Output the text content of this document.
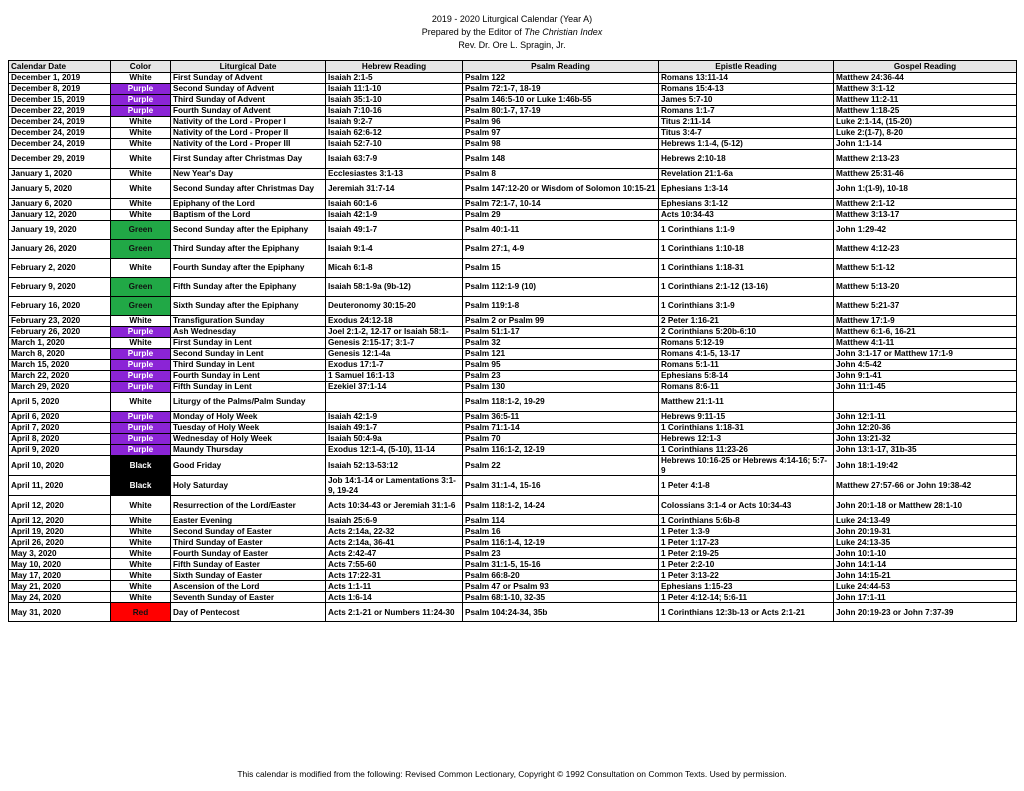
2019 - 2020 Liturgical Calendar (Year A)
Prepared by the Editor of The Christian Index
Rev. Dr. Ore L. Spragin, Jr.
Calendar Date	Color	Liturgical Date	Hebrew Reading	Psalm Reading	Epistle Reading	Gospel Reading
December 1, 2019	White	First Sunday of Advent	Isaiah 2:1-5	Psalm 122	Romans 13:11-14	Matthew 24:36-44
December 8, 2019	Purple	Second Sunday of Advent	Isaiah 11:1-10	Psalm 72:1-7, 18-19	Romans 15:4-13	Matthew 3:1-12
December 15, 2019	Purple	Third Sunday of Advent	Isaiah 35:1-10	Psalm 146:5-10 or Luke 1:46b-55	James 5:7-10	Matthew 11:2-11
December 22, 2019	Purple	Fourth Sunday of Advent	Isaiah 7:10-16	Psalm 80:1-7, 17-19	Romans 1:1-7	Matthew 1:18-25
December 24, 2019	White	Nativity of the Lord - Proper I	Isaiah 9:2-7	Psalm 96	Titus 2:11-14	Luke 2:1-14, (15-20)
December 24, 2019	White	Nativity of the Lord - Proper II	Isaiah 62:6-12	Psalm 97	Titus 3:4-7	Luke 2:(1-7), 8-20
December 24, 2019	White	Nativity of the Lord - Proper III	Isaiah 52:7-10	Psalm 98	Hebrews 1:1-4, (5-12)	John 1:1-14
December 29, 2019	White	First Sunday after Christmas Day	Isaiah 63:7-9	Psalm 148	Hebrews 2:10-18	Matthew 2:13-23
January 1, 2020	White	New Year's Day	Ecclesiastes 3:1-13	Psalm 8	Revelation 21:1-6a	Matthew 25:31-46
January 5, 2020	White	Second Sunday after Christmas Day	Jeremiah 31:7-14	Psalm 147:12-20 or Wisdom of Solomon 10:15-21	Ephesians 1:3-14	John 1:(1-9), 10-18
January 6, 2020	White	Epiphany of the Lord	Isaiah 60:1-6	Psalm 72:1-7, 10-14	Ephesians 3:1-12	Matthew 2:1-12
January 12, 2020	White	Baptism of the Lord	Isaiah 42:1-9	Psalm 29	Acts 10:34-43	Matthew 3:13-17
January 19, 2020	Green	Second Sunday after the Epiphany	Isaiah 49:1-7	Psalm 40:1-11	1 Corinthians 1:1-9	John 1:29-42
January 26, 2020	Green	Third Sunday after the Epiphany	Isaiah 9:1-4	Psalm 27:1, 4-9	1 Corinthians 1:10-18	Matthew 4:12-23
February 2, 2020	White	Fourth Sunday after the Epiphany	Micah 6:1-8	Psalm 15	1 Corinthians 1:18-31	Matthew 5:1-12
February 9, 2020	Green	Fifth Sunday after the Epiphany	Isaiah 58:1-9a (9b-12)	Psalm 112:1-9 (10)	1 Corinthians 2:1-12 (13-16)	Matthew 5:13-20
February 16, 2020	Green	Sixth Sunday after the Epiphany	Deuteronomy 30:15-20	Psalm 119:1-8	1 Corinthians 3:1-9	Matthew 5:21-37
February 23, 2020	White	Transfiguration Sunday	Exodus 24:12-18	Psalm 2 or Psalm 99	2 Peter 1:16-21	Matthew 17:1-9
February 26, 2020	Purple	Ash Wednesday	Joel 2:1-2, 12-17 or Isaiah 58:1-	Psalm 51:1-17	2 Corinthians 5:20b-6:10	Matthew 6:1-6, 16-21
March 1, 2020	White	First Sunday in Lent	Genesis 2:15-17; 3:1-7	Psalm 32	Romans 5:12-19	Matthew 4:1-11
March 8, 2020	Purple	Second Sunday in Lent	Genesis 12:1-4a	Psalm 121	Romans 4:1-5, 13-17	John 3:1-17 or Matthew 17:1-9
March 15, 2020	Purple	Third Sunday in Lent	Exodus 17:1-7	Psalm 95	Romans 5:1-11	John 4:5-42
March 22, 2020	Purple	Fourth Sunday in Lent	1 Samuel 16:1-13	Psalm 23	Ephesians 5:8-14	John 9:1-41
March 29, 2020	Purple	Fifth Sunday in Lent	Ezekiel 37:1-14	Psalm 130	Romans 8:6-11	John 11:1-45
April 5, 2020	White	Liturgy of the Palms/Palm Sunday		Psalm 118:1-2, 19-29	Matthew 21:1-11	
April 6, 2020	Purple	Monday of Holy Week	Isaiah 42:1-9	Psalm 36:5-11	Hebrews 9:11-15	John 12:1-11
April 7, 2020	Purple	Tuesday of Holy Week	Isaiah 49:1-7	Psalm 71:1-14	1 Corinthians 1:18-31	John 12:20-36
April 8, 2020	Purple	Wednesday of Holy Week	Isaiah 50:4-9a	Psalm 70	Hebrews 12:1-3	John 13:21-32
April 9, 2020	Purple	Maundy Thursday	Exodus 12:1-4, (5-10), 11-14	Psalm 116:1-2, 12-19	1 Corinthians 11:23-26	John 13:1-17, 31b-35
April 10, 2020	Black	Good Friday	Isaiah 52:13-53:12	Psalm 22	Hebrews 10:16-25 or Hebrews 4:14-16; 5:7-9	John 18:1-19:42
April 11, 2020	Black	Holy Saturday	Job 14:1-14 or Lamentations 3:1-9, 19-24	Psalm 31:1-4, 15-16	1 Peter 4:1-8	Matthew 27:57-66 or John 19:38-42
April 12, 2020	White	Resurrection of the Lord/Easter	Acts 10:34-43 or Jeremiah 31:1-6	Psalm 118:1-2, 14-24	Colossians 3:1-4 or Acts 10:34-43	John 20:1-18 or Matthew 28:1-10
April 12, 2020	White	Easter Evening	Isaiah 25:6-9	Psalm 114	1 Corinthians 5:6b-8	Luke 24:13-49
April 19, 2020	White	Second Sunday of Easter	Acts 2:14a, 22-32	Psalm 16	1 Peter 1:3-9	John 20:19-31
April 26, 2020	White	Third Sunday of Easter	Acts 2:14a, 36-41	Psalm 116:1-4, 12-19	1 Peter 1:17-23	Luke 24:13-35
May 3, 2020	White	Fourth Sunday of Easter	Acts 2:42-47	Psalm 23	1 Peter 2:19-25	John 10:1-10
May 10, 2020	White	Fifth Sunday of Easter	Acts 7:55-60	Psalm 31:1-5, 15-16	1 Peter 2:2-10	John 14:1-14
May 17, 2020	White	Sixth Sunday of Easter	Acts 17:22-31	Psalm 66:8-20	1 Peter 3:13-22	John 14:15-21
May 21, 2020	White	Ascension of the Lord	Acts 1:1-11	Psalm 47 or Psalm 93	Ephesians 1:15-23	Luke 24:44-53
May 24, 2020	White	Seventh Sunday of Easter	Acts 1:6-14	Psalm 68:1-10, 32-35	1 Peter 4:12-14; 5:6-11	John 17:1-11
May 31, 2020	Red	Day of Pentecost	Acts 2:1-21 or Numbers 11:24-30	Psalm 104:24-34, 35b	1 Corinthians 12:3b-13 or Acts 2:1-21	John 20:19-23 or John 7:37-39
This calendar is modified from the following: Revised Common Lectionary, Copyright © 1992 Consultation on Common Texts. Used by permission.
